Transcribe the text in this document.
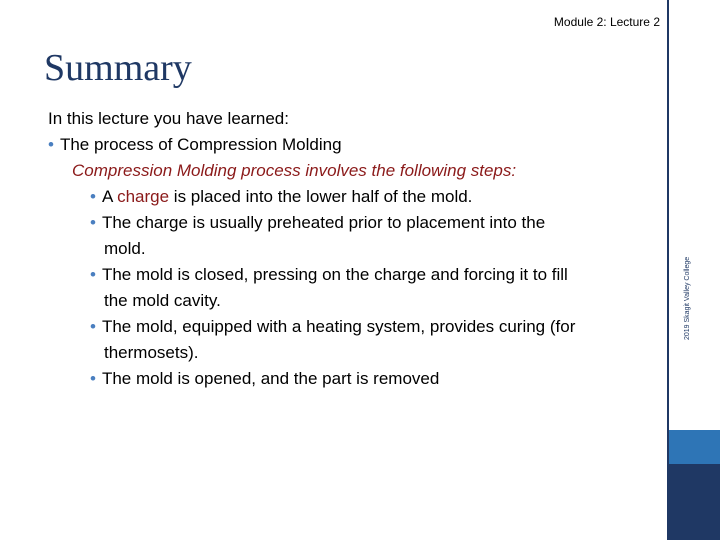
Module 2: Lecture 2
Summary
In this lecture you have learned:
• The process of Compression Molding
Compression Molding process involves the following steps:
• A charge is placed into the lower half of the mold.
• The charge is usually preheated prior to placement into the
mold.
• The mold is closed, pressing on the charge and forcing it to fill
the mold cavity.
• The mold, equipped with a heating system, provides curing (for
thermosets).
• The mold is opened, and the part is removed
2019 Skagit Valley College
